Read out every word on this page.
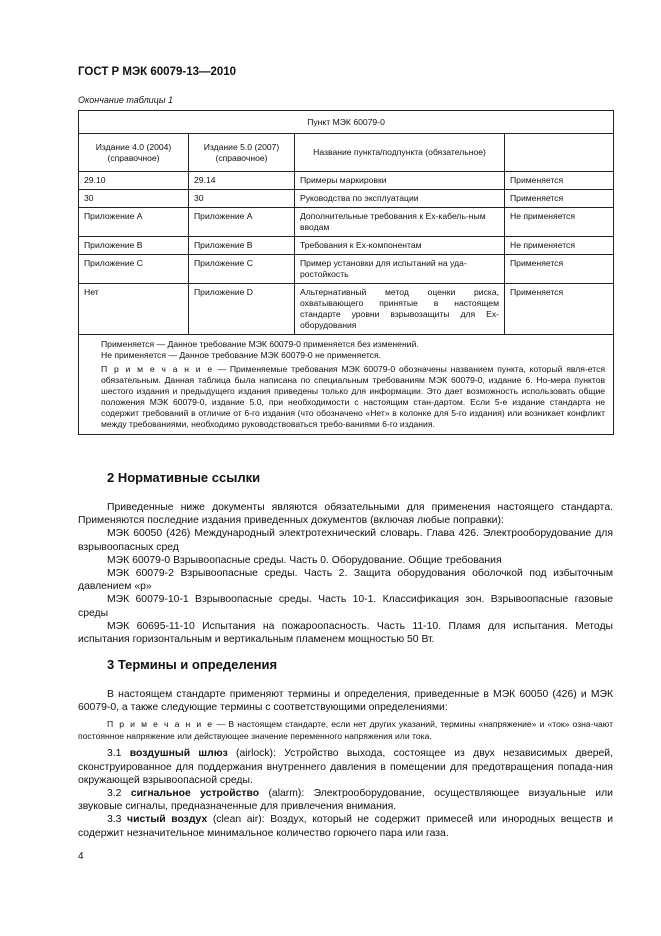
ГОСТ Р МЭК 60079-13—2010
Окончание таблицы 1
Пункт МЭК 60079-0			
Издание 4.0 (2004) (справочное)	Издание 5.0 (2007) (справочное)	Название пункта/подпункта (обязательное)	
29.10	29.14	Примеры маркировки	Применяется
30	30	Руководства по эксплуатации	Применяется
Приложение А	Приложение А	Дополнительные требования к Ex-кабель-ным вводам	Не применяется
Приложение В	Приложение В	Требования к Ex-компонентам	Не применяется
Приложение С	Приложение С	Пример установки для испытаний на уда-ростойкость	Применяется
Нет	Приложение D	Альтернативный метод оценки риска, охватывающего принятые в настоящем стандарте уровни взрывозащиты для Ex-оборудования	Применяется

Применяется — Данное требование МЭК 60079-0 применяется без изменений.

Не применяется — Данное требование МЭК 60079-0 не применяется.

П р и м е ч а н и е — Применяемые требования МЭК 60079-0 обозначены названием пункта, который явля-ется обязательным. Данная таблица была написана по специальным требованиям МЭК 60079-0, издание 6. Но-мера пунктов шестого издания и предыдущего издания приведены только для информации. Это дает возможность использовать общие положения МЭК 60079-0, издание 5.0, при необходимости с настоящим стан-дартом. Если 5-е издание стандарта не содержит требований в отличие от 6-го издания (что обозначено «Нет» в колонке для 5-го издания) или возникает конфликт между требованиями, необходимо руководствоваться требо-ваниями 6-го издания.			

2 Нормативные ссылки

Приведенные ниже документы являются обязательными для применения настоящего стандарта. Применяются последние издания приведенных документов (включая любые поправки):

МЭК 60050 (426) Международный электротехнический словарь. Глава 426. Электрооборудование для взрывоопасных сред

МЭК 60079-0 Взрывоопасные среды. Часть 0. Оборудование. Общие требования

МЭК 60079-2 Взрывоопасные среды. Часть 2. Защита оборудования оболочкой под избыточным давлением «р»

МЭК 60079-10-1 Взрывоопасные среды. Часть 10-1. Классификация зон. Взрывоопасные газовые среды

МЭК 60695-11-10 Испытания на пожароопасность. Часть 11-10. Пламя для испытания. Методы испытания горизонтальным и вертикальным пламенем мощностью 50 Вт.

3 Термины и определения

В настоящем стандарте применяют термины и определения, приведенные в МЭК 60050 (426) и МЭК 60079-0, а также следующие термины с соответствующими определениями:

П р и м е ч а н и е — В настоящем стандарте, если нет других указаний, термины «напряжение» и «ток» озна-чают постоянное напряжение или действующее значение переменного напряжения или тока.

3.1 воздушный шлюз (airlock): Устройство выхода, состоящее из двух независимых дверей, сконструированное для поддержания внутреннего давления в помещении для предотвращения попада-ния окружающей взрывоопасной среды.

3.2 сигнальное устройство (alarm): Электрооборудование, осуществляющее визуальные или звуковые сигналы, предназначенные для привлечения внимания.

3.3 чистый воздух (clean air): Воздух, который не содержит примесей или инородных веществ и содержит незначительное минимальное количество горючего пара или газа.

4
